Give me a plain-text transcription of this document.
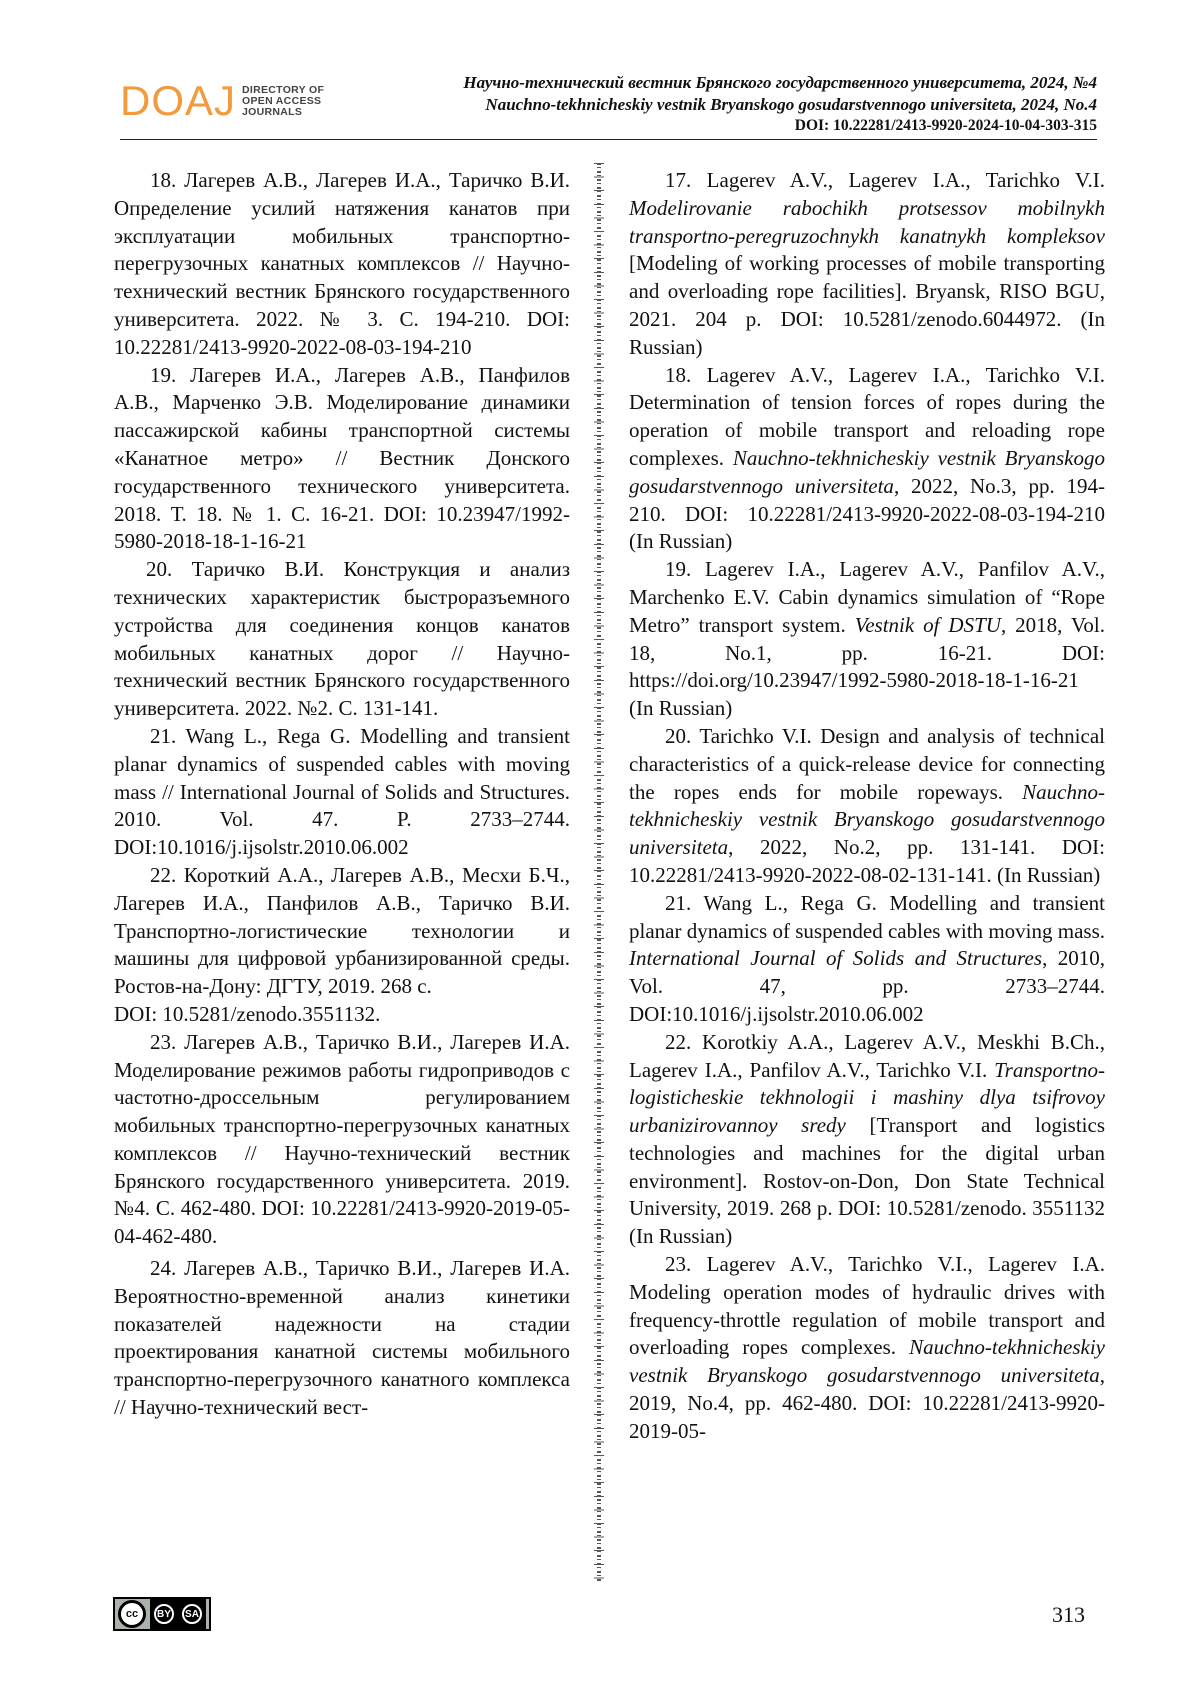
DOAJ DIRECTORY OF
OPEN ACCESS
JOURNALS
Научно-технический вестник Брянского государственного университета, 2024, №4
Nauchno-tekhnicheskiy vestnik Bryanskogo gosudarstvennogo universiteta, 2024, No.4
DOI: 10.22281/2413-9920-2024-10-04-303-315

18. Лагерев А.В., Лагерев И.А., Таричко В.И. Определение усилий натяжения канатов при эксплуатации мобильных транспортно-перегрузочных канатных комплексов // Научно-технический вестник Брянского государственного университета. 2022. № 3. С. 194-210. DOI: 10.22281/2413-9920-2022-08-03-194-210

19. Лагерев И.А., Лагерев А.В., Панфилов А.В., Марченко Э.В. Моделирование динамики пассажирской кабины транспортной системы «Канатное метро» // Вестник Донского государственного технического университета. 2018. Т. 18. № 1. С. 16-21. DOI: 10.23947/1992-5980-2018-18-1-16-21

20. Таричко В.И. Конструкция и анализ технических характеристик быстроразъемного устройства для соединения концов канатов мобильных канатных дорог // Научно-технический вестник Брянского государственного университета. 2022. №2. С. 131-141.

21. Wang L., Rega G. Modelling and transient planar dynamics of suspended cables with moving mass // International Journal of Solids and Structures. 2010. Vol. 47. P. 2733–2744. DOI:10.1016/j.ijsolstr.2010.06.002

22. Короткий А.А., Лагерев А.В., Месхи Б.Ч., Лагерев И.А., Панфилов А.В., Таричко В.И. Транспортно-логистические технологии и машины для цифровой урбанизированной среды. Ростов-на-Дону: ДГТУ, 2019. 268 с.

DOI: 10.5281/zenodo.3551132.

23. Лагерев А.В., Таричко В.И., Лагерев И.А. Моделирование режимов работы гидроприводов с частотно-дроссельным регулированием мобильных транспортно-перегрузочных канатных комплексов // Научно-технический вестник Брянского государственного университета. 2019. №4. С. 462-480. DOI: 10.22281/2413-9920-2019-05-04-462-480.

24. Лагерев А.В., Таричко В.И., Лагерев И.А. Вероятностно-временной анализ кинетики показателей надежности на стадии проектирования канатной системы мобильного транспортно-перегрузочного канатного комплекса // Научно-технический вест-

17. Lagerev A.V., Lagerev I.A., Tarichko V.I. Modelirovanie rabochikh protsessov mobilnykh transportno-peregruzochnykh kanatnykh kompleksov [Modeling of working processes of mobile transporting and overloading rope facilities]. Bryansk, RISO BGU, 2021. 204 p. DOI: 10.5281/zenodo.6044972. (In Russian)

18. Lagerev A.V., Lagerev I.A., Tarichko V.I. Determination of tension forces of ropes during the operation of mobile transport and reloading rope complexes. Nauchno-tekhnicheskiy vestnik Bryanskogo gosudarstvennogo universiteta, 2022, No.3, pp. 194-210. DOI: 10.22281/2413-9920-2022-08-03-194-210 (In Russian)

19. Lagerev I.A., Lagerev A.V., Panfilov A.V., Marchenko E.V. Cabin dynamics simulation of “Rope Metro” transport system. Vestnik of DSTU, 2018, Vol. 18, No.1, pp. 16-21. DOI: https://doi.org/10.23947/1992-5980-2018-18-1-16-21 (In Russian)

20. Tarichko V.I. Design and analysis of technical characteristics of a quick-release device for connecting the ropes ends for mobile ropeways. Nauchno-tekhnicheskiy vestnik Bryanskogo gosudarstvennogo universiteta, 2022, No.2, pp. 131-141. DOI: 10.22281/2413-9920-2022-08-02-131-141. (In Russian)

21. Wang L., Rega G. Modelling and transient planar dynamics of suspended cables with moving mass. International Journal of Solids and Structures, 2010, Vol. 47, pp. 2733–2744. DOI:10.1016/j.ijsolstr.2010.06.002

22. Korotkiy A.A., Lagerev A.V., Meskhi B.Ch., Lagerev I.A., Panfilov A.V., Tarichko V.I. Transportno-logisticheskie tekhnologii i mashiny dlya tsifrovoy urbanizirovannoy sredy [Transport and logistics technologies and machines for the digital urban environment]. Rostov-on-Don, Don State Technical University, 2019. 268 p. DOI: 10.5281/zenodo. 3551132 (In Russian)

23. Lagerev A.V., Tarichko V.I., Lagerev I.A. Modeling operation modes of hydraulic drives with frequency-throttle regulation of mobile transport and overloading ropes complexes. Nauchno-tekhnicheskiy vestnik Bryanskogo gosudarstvennogo universiteta, 2019, No.4, pp. 462-480. DOI: 10.22281/2413-9920-2019-05-

cc	BY	SA	313
